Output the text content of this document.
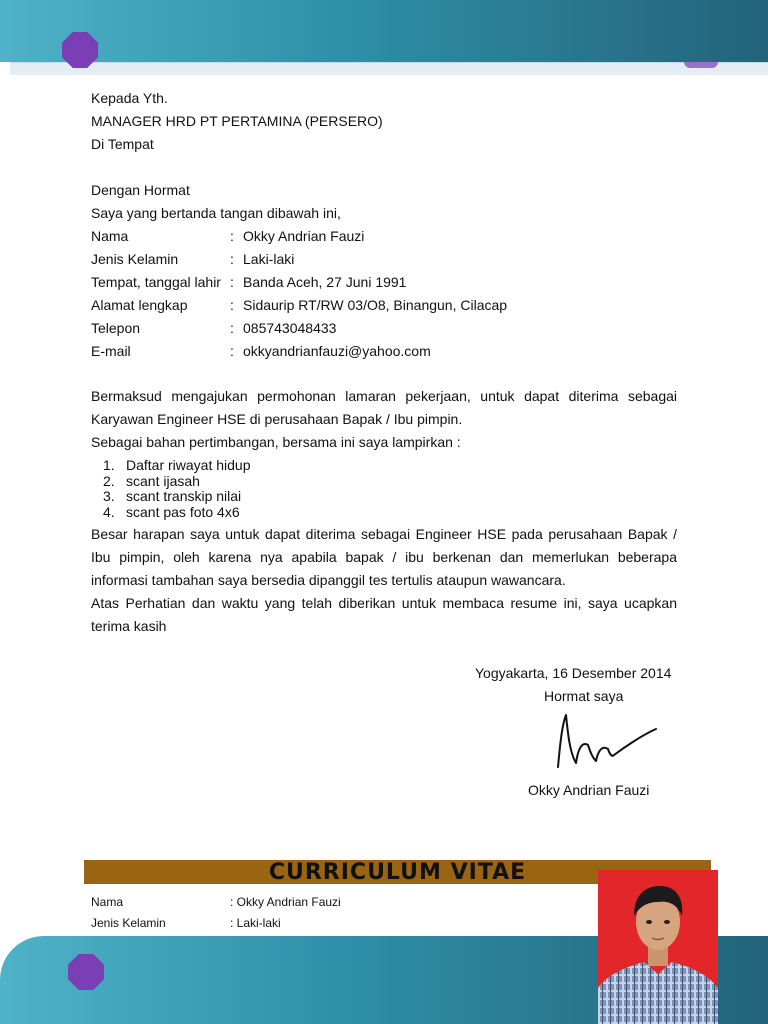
Kepada Yth.
MANAGER HRD PT PERTAMINA (PERSERO)
Di Tempat
Dengan Hormat
Saya yang bertanda tangan dibawah ini,
Nama	: Okky Andrian Fauzi
Jenis Kelamin	: Laki-laki
Tempat, tanggal lahir : Banda Aceh, 27 Juni 1991
Alamat lengkap	: Sidaurip RT/RW 03/O8, Binangun, Cilacap
Telepon	: 085743048433
E-mail	: okkyandrianfauzi@yahoo.com
Bermaksud mengajukan permohonan lamaran pekerjaan, untuk dapat diterima sebagai
Karyawan Engineer HSE di perusahaan Bapak / Ibu pimpin.
Sebagai bahan pertimbangan, bersama ini saya lampirkan :
1. Daftar riwayat hidup
2. scant ijasah
3. scant transkip nilai
4. scant pas foto 4x6
Besar harapan saya untuk dapat diterima sebagai Engineer HSE pada perusahaan Bapak /
Ibu pimpin, oleh karena nya apabila bapak / ibu berkenan dan memerlukan beberapa
informasi tambahan saya bersedia dipanggil tes tertulis ataupun wawancara.
Atas Perhatian dan waktu yang telah diberikan untuk membaca resume ini, saya ucapkan
terima kasih
Yogyakarta, 16 Desember 2014
Hormat saya
Okky Andrian Fauzi
CURRICULUM VITAE
Nama	: Okky Andrian Fauzi
Jenis Kelamin	: Laki-laki
